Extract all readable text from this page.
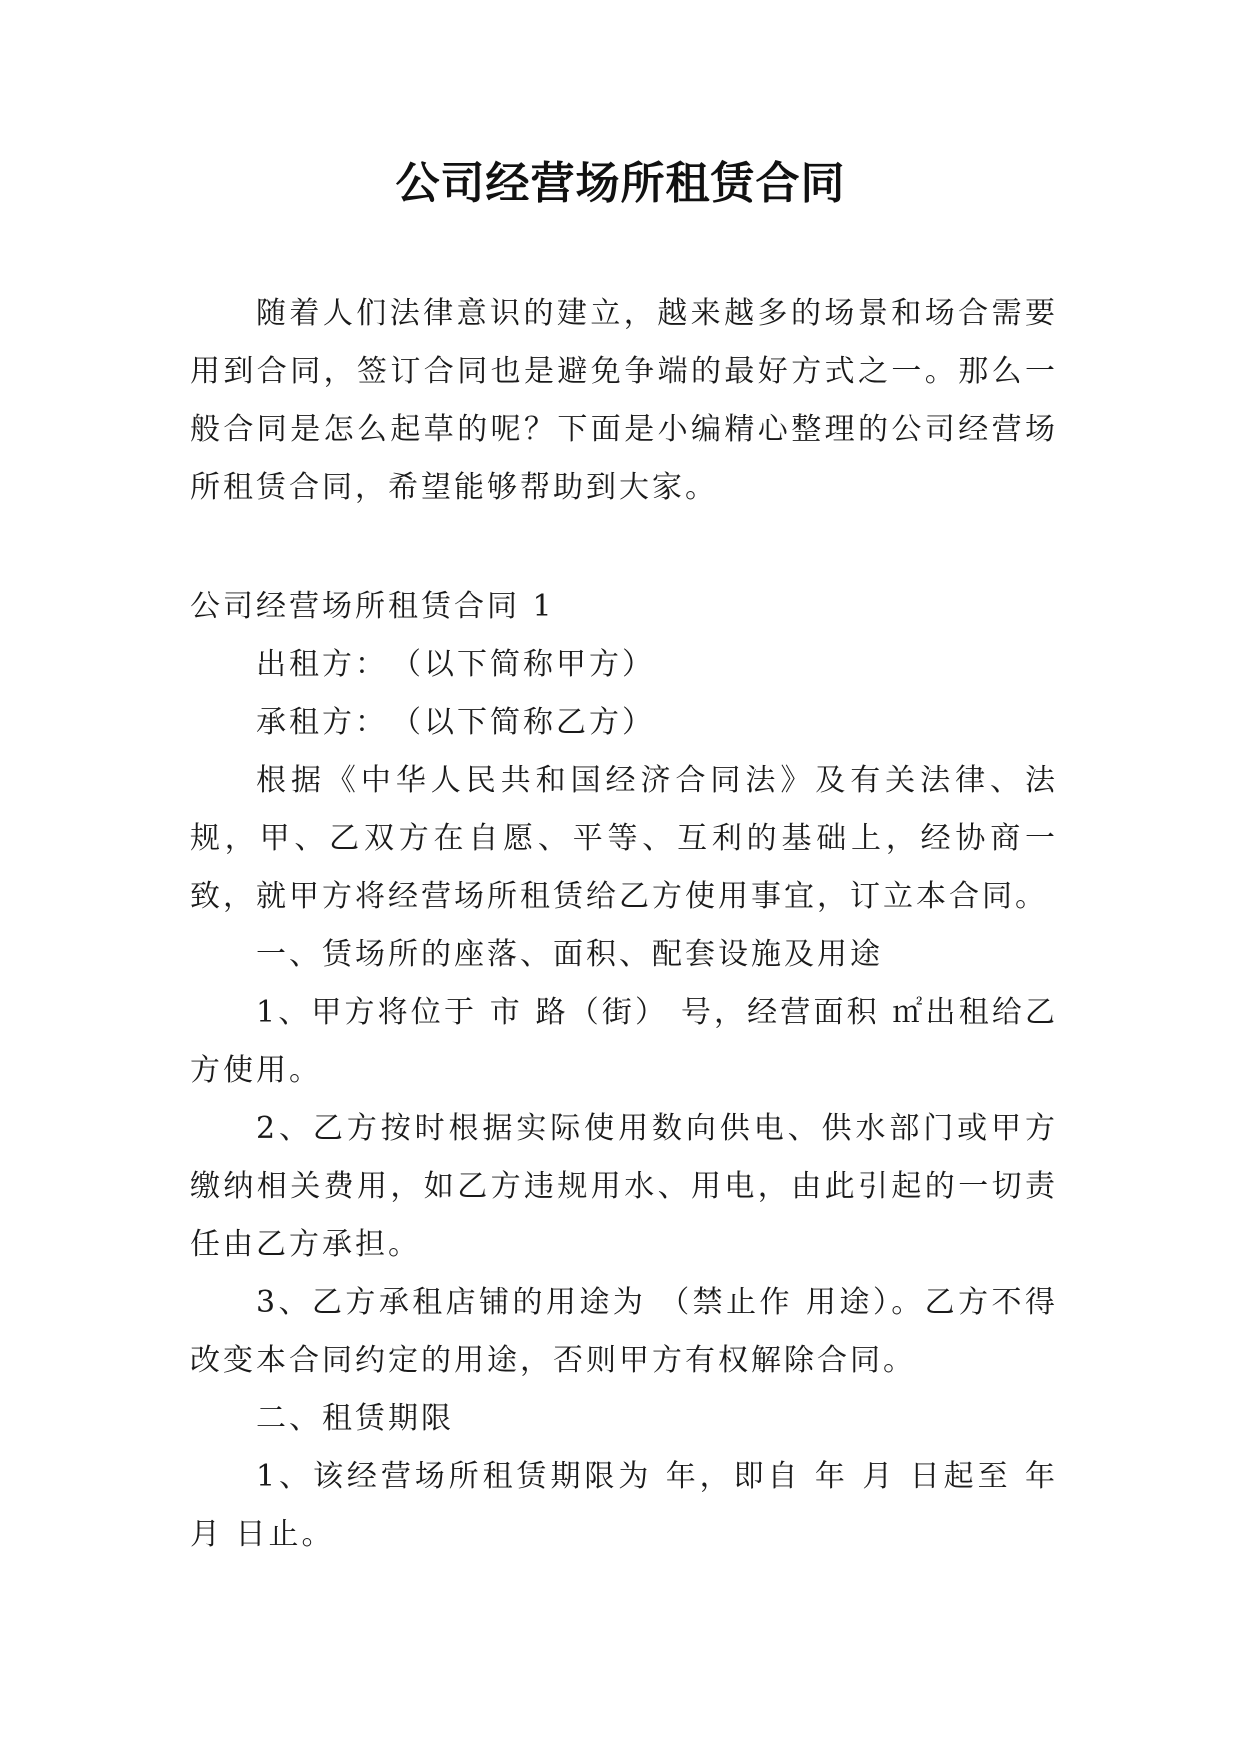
公司经营场所租赁合同

随着人们法律意识的建立，越来越多的场景和场合需要用到合同，签订合同也是避免争端的最好方式之一。那么一般合同是怎么起草的呢？下面是小编精心整理的公司经营场所租赁合同，希望能够帮助到大家。

公司经营场所租赁合同 1

出租方：　（以下简称甲方）

承租方：　（以下简称乙方）

根据《中华人民共和国经济合同法》及有关法律、法规，甲、乙双方在自愿、平等、互利的基础上，经协商一致，就甲方将经营场所租赁给乙方使用事宜，订立本合同。

一、赁场所的座落、面积、配套设施及用途

1、甲方将位于 市 路（街） 号，经营面积 ㎡出租给乙方使用。

2、乙方按时根据实际使用数向供电、供水部门或甲方缴纳相关费用，如乙方违规用水、用电，由此引起的一切责任由乙方承担。

3、乙方承租店铺的用途为 （禁止作 用途）。乙方不得改变本合同约定的用途，否则甲方有权解除合同。

二、租赁期限

1、该经营场所租赁期限为 年，即自 年 月 日起至 年 月 日止。
